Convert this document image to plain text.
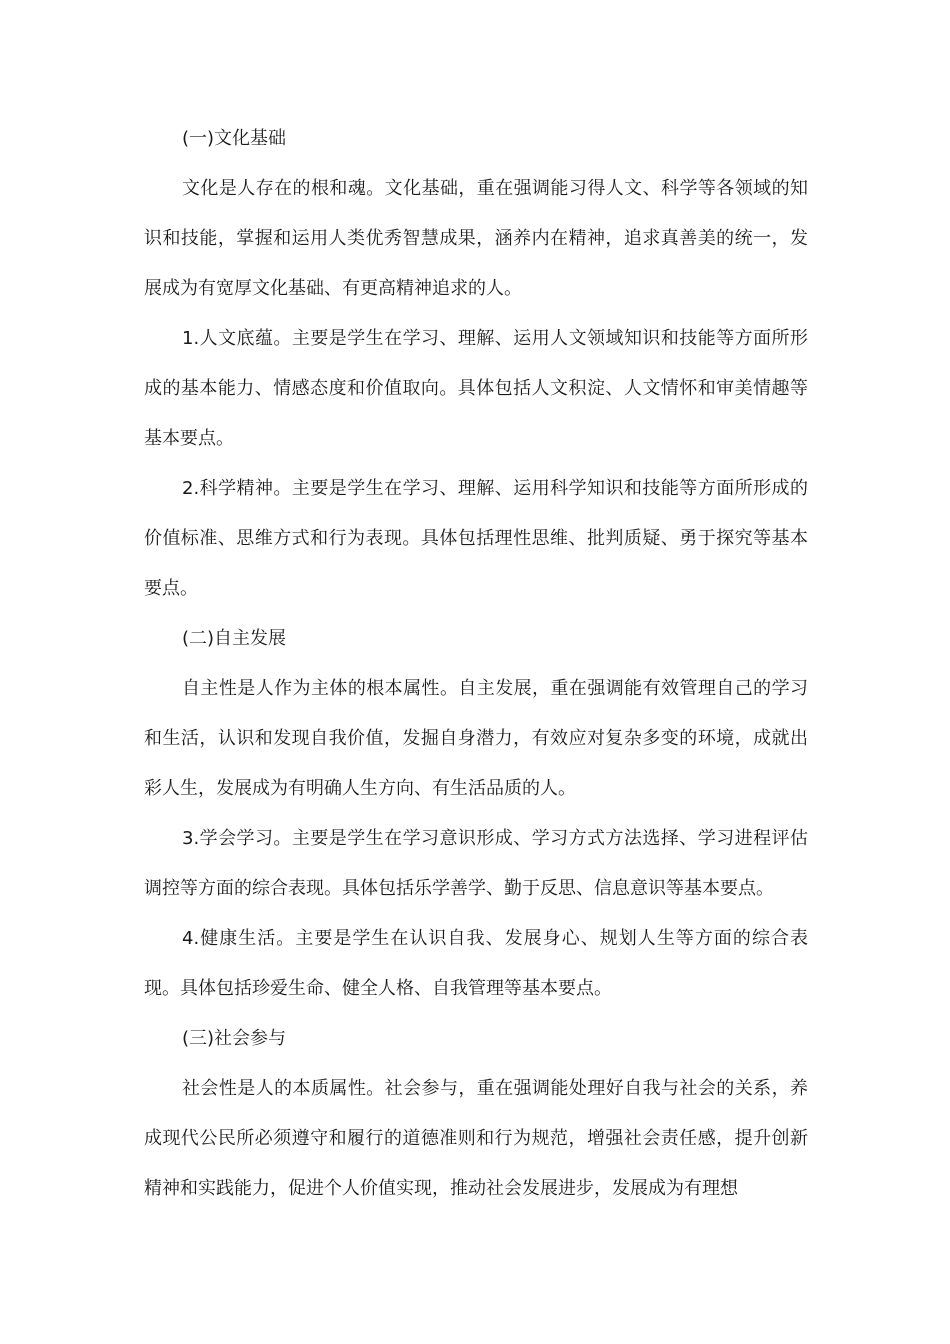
(一)文化基础

文化是人存在的根和魂。文化基础，重在强调能习得人文、科学等各领域的知识和技能，掌握和运用人类优秀智慧成果，涵养内在精神，追求真善美的统一，发展成为有宽厚文化基础、有更高精神追求的人。

1.人文底蕴。主要是学生在学习、理解、运用人文领域知识和技能等方面所形成的基本能力、情感态度和价值取向。具体包括人文积淀、人文情怀和审美情趣等基本要点。

2.科学精神。主要是学生在学习、理解、运用科学知识和技能等方面所形成的价值标准、思维方式和行为表现。具体包括理性思维、批判质疑、勇于探究等基本要点。

(二)自主发展

自主性是人作为主体的根本属性。自主发展，重在强调能有效管理自己的学习和生活，认识和发现自我价值，发掘自身潜力，有效应对复杂多变的环境，成就出彩人生，发展成为有明确人生方向、有生活品质的人。

3.学会学习。主要是学生在学习意识形成、学习方式方法选择、学习进程评估调控等方面的综合表现。具体包括乐学善学、勤于反思、信息意识等基本要点。

4.健康生活。主要是学生在认识自我、发展身心、规划人生等方面的综合表现。具体包括珍爱生命、健全人格、自我管理等基本要点。

(三)社会参与

社会性是人的本质属性。社会参与，重在强调能处理好自我与社会的关系，养成现代公民所必须遵守和履行的道德准则和行为规范，增强社会责任感，提升创新精神和实践能力，促进个人价值实现，推动社会发展进步，发展成为有理想
